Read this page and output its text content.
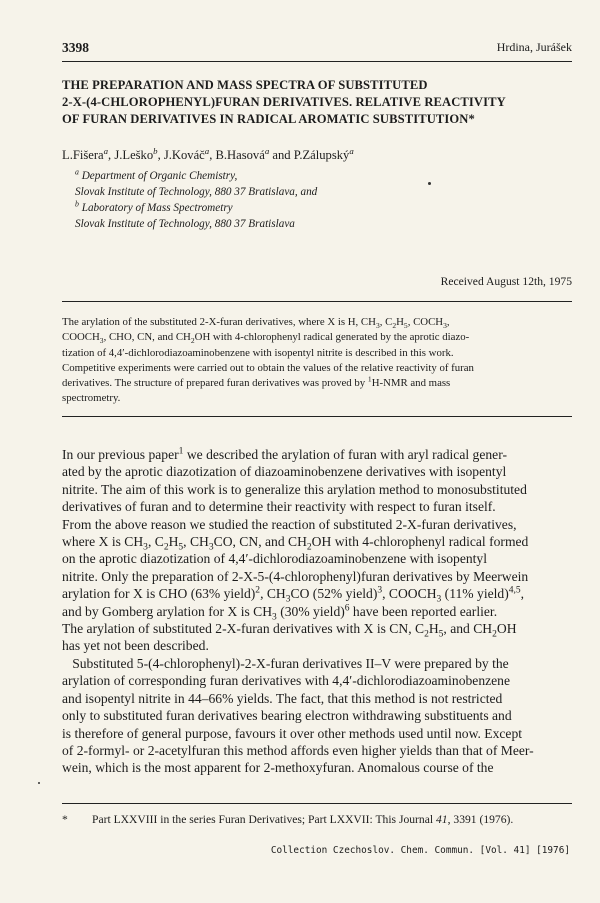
3398	Hrdina, Jurášek
THE PREPARATION AND MASS SPECTRA OF SUBSTITUTED
2-X-(4-CHLOROPHENYL)FURAN DERIVATIVES. RELATIVE REACTIVITY
OF FURAN DERIVATIVES IN RADICAL AROMATIC SUBSTITUTION*
L.Fišera$^a$, J.Leško$^b$, J.Kováč$^a$, B.Hasová$^a$ and P.Zálupský$^a$
$^a$ Department of Organic Chemistry,
Slovak Institute of Technology, 880 37 Bratislava, and
$^b$ Laboratory of Mass Spectrometry
Slovak Institute of Technology, 880 37 Bratislava
Received August 12th, 1975
The arylation of the substituted 2-X-furan derivatives, where X is H, $CH_3$, $C_2H_5$, $COCH_3$,
$COOCH_3$, CHO, CN, and $CH_2OH$ with 4-chlorophenyl radical generated by the aprotic diazo-
tization of 4,4′-dichlorodiazoaminobenzene with isopentyl nitrite is described in this work.
Competitive experiments were carried out to obtain the values of the relative reactivity of furan
derivatives. The structure of prepared furan derivatives was proved by $^1$H-NMR and mass
spectrometry.
In our previous paper$^1$ we described the arylation of furan with aryl radical gener-
ated by the aprotic diazotization of diazoaminobenzene derivatives with isopentyl
nitrite. The aim of this work is to generalize this arylation method to monosubstituted
derivatives of furan and to determine their reactivity with respect to furan itself.
From the above reason we studied the reaction of substituted 2-X-furan derivatives,
where X is $CH_3$, $C_2H_5$, $CH_3CO$, CN, and $CH_2OH$ with 4-chlorophenyl radical formed
on the aprotic diazotization of 4,4′-dichlorodiazoaminobenzene with isopentyl
nitrite. Only the preparation of 2-X-5-(4-chlorophenyl)furan derivatives by Meerwein
arylation for X is CHO (63% yield)$^2$, $CH_3CO$ (52% yield)$^3$, $COOCH_3$ (11% yield)$^{4,5}$,
and by Gomberg arylation for X is $CH_3$ (30% yield)$^6$ have been reported earlier.
The arylation of substituted 2-X-furan derivatives with X is CN, $C_2H_5$, and $CH_2OH$
has yet not been described.
Substituted 5-(4-chlorophenyl)-2-X-furan derivatives II–V were prepared by the
arylation of corresponding furan derivatives with 4,4′-dichlorodiazoaminobenzene
and isopentyl nitrite in 44–66% yields. The fact, that this method is not restricted
only to substituted furan derivatives bearing electron withdrawing substituents and
is therefore of general purpose, favours it over other methods used until now. Except
of 2-formyl- or 2-acetylfuran this method affords even higher yields than that of Meer-
wein, which is the most apparent for 2-methoxyfuran. Anomalous course of the
* Part LXXVIII in the series Furan Derivatives; Part LXXVII: This Journal 41, 3391 (1976).
Collection Czechoslov. Chem. Commun. [Vol. 41] [1976]
